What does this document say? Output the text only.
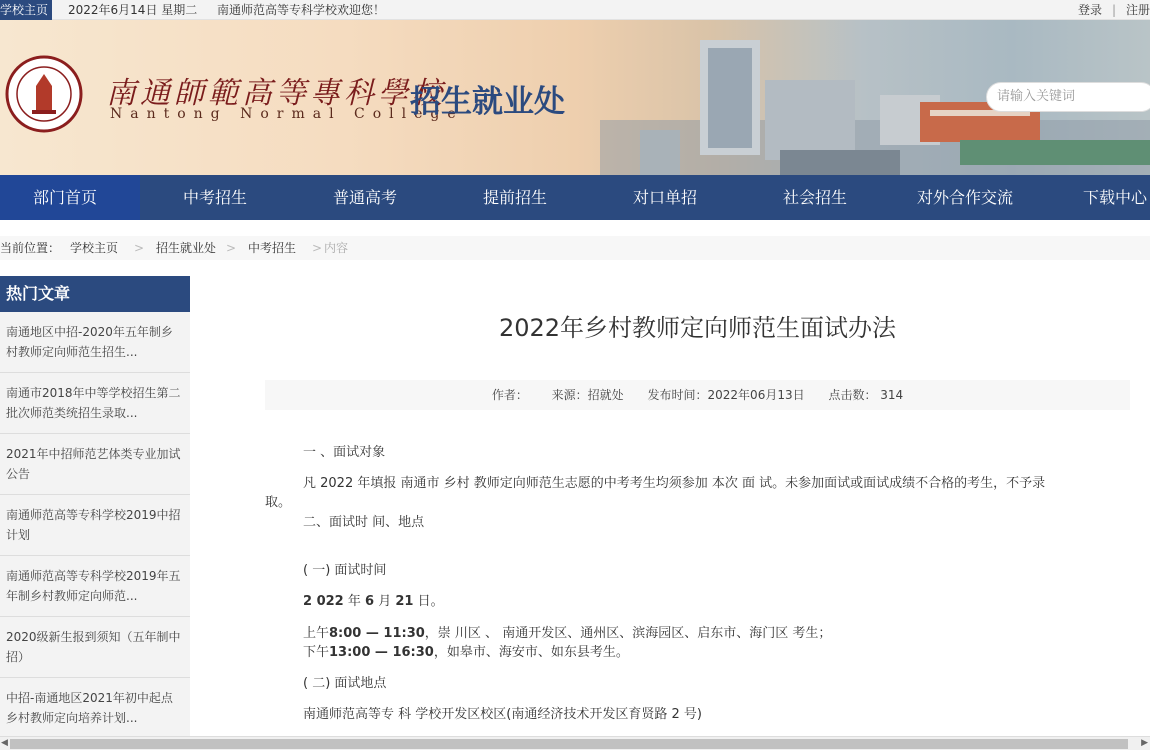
学校主页	2022年6月14日 星期二 南通师范高等专科学校欢迎您！	登录 | 注册
南通師範高等專科學校
Nantong Normal College
招生就业处	请输入关键词
部门首页	中考招生	普通高考	提前招生	对口单招	社会招生	对外合作交流	下载中心
当前位置： 学校主页 > 招生就业处 > 中考招生 > 内容
热门文章
南通地区中招-2020年五年制乡村教师定向师范生招生...
南通市2018年中等学校招生第二批次师范类统招生录取...
2021年中招师范艺体类专业加试公告
南通师范高等专科学校2019中招计划
南通师范高等专科学校2019年五年制乡村教师定向师范...
2020级新生报到须知（五年制中招）
中招-南通地区2021年初中起点乡村教师定向培养计划...
2022年乡村教师定向师范生面试办法
作者： 来源：招就处 发布时间：2022年06月13日 点击数： 314

一 、面试对象

凡 2022 年填报 南通市 乡村 教师定向师范生志愿的中考考生均须参加 本次 面 试。未参加面试或面试成绩不合格的考生，不予录

取。

二、面试时 间、地点

( 一) 面试时间

2 022 年 6 月 21 日。

上午8:00 — 11:30，崇 川区 、 南通开发区、通州区、滨海园区、启东市、海门区 考生；

下午13:00 — 16:30，如皋市、海安市、如东县考生。

( 二) 面试地点

南通师范高等专 科 学校开发区校区(南通经济技术开发区育贤路 2 号)

◀	▶
